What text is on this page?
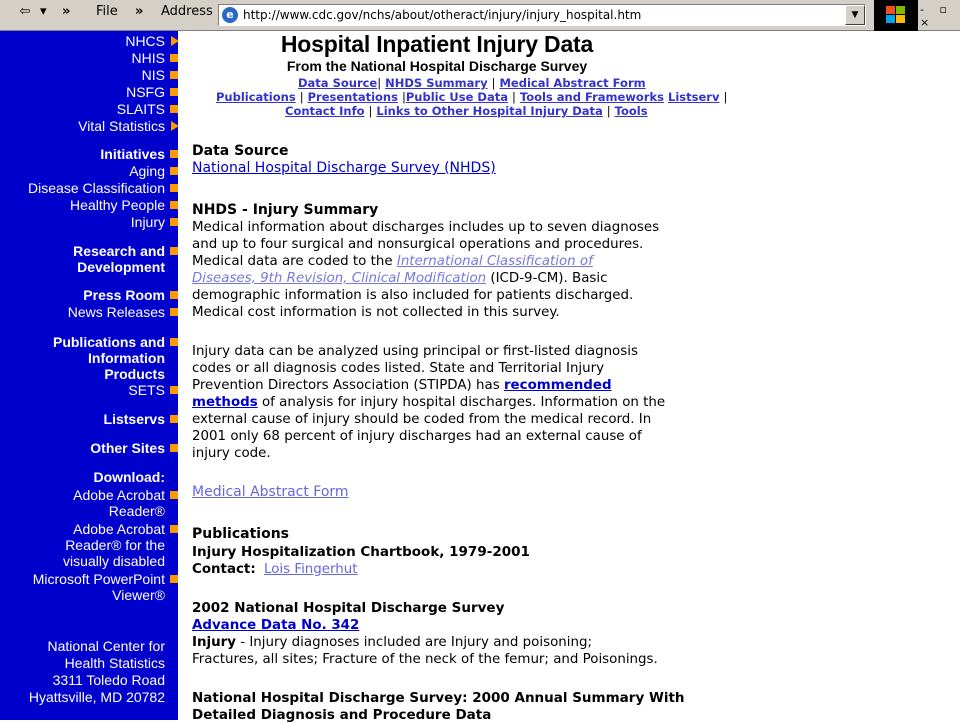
⇦ ▾	»	File	»	Address	e http://www.cdc.gov/nchs/about/otheract/injury/injury_hospital.htm	▼	- ▫ ×
NHCS
NHIS
NIS
NSFG
SLAITS
Vital Statistics
Initiatives
Aging
Disease Classification
Healthy People
Injury
Research and
Development
Press Room
News Releases
Publications and
Information
Products
SETS
Listservs
Other Sites
Download:
Adobe Acrobat
Reader®
Adobe Acrobat
Reader® for the
visually disabled
Microsoft PowerPoint
Viewer®
National Center for
Health Statistics
3311 Toledo Road
Hyattsville, MD 20782
Hospital Inpatient Injury Data
From the National Hospital Discharge Survey
Data Source| NHDS Summary | Medical Abstract Form
Publications | Presentations |Public Use Data | Tools and Frameworks Listserv |
Contact Info | Links to Other Hospital Injury Data | Tools
Data Source
National Hospital Discharge Survey (NHDS)
NHDS - Injury Summary
Medical information about discharges includes up to seven diagnoses
and up to four surgical and nonsurgical operations and procedures.
Medical data are coded to the International Classification of
Diseases, 9th Revision, Clinical Modification (ICD-9-CM). Basic
demographic information is also included for patients discharged.
Medical cost information is not collected in this survey.
Injury data can be analyzed using principal or first-listed diagnosis
codes or all diagnosis codes listed. State and Territorial Injury
Prevention Directors Association (STIPDA) has recommended
methods of analysis for injury hospital discharges. Information on the
external cause of injury should be coded from the medical record. In
2001 only 68 percent of injury discharges had an external cause of
injury code.
Medical Abstract Form
Publications
Injury Hospitalization Chartbook, 1979-2001
Contact: Lois Fingerhut
2002 National Hospital Discharge Survey
Advance Data No. 342
Injury - Injury diagnoses included are Injury and poisoning;
Fractures, all sites; Fracture of the neck of the femur; and Poisonings.
National Hospital Discharge Survey: 2000 Annual Summary With
Detailed Diagnosis and Procedure Data
